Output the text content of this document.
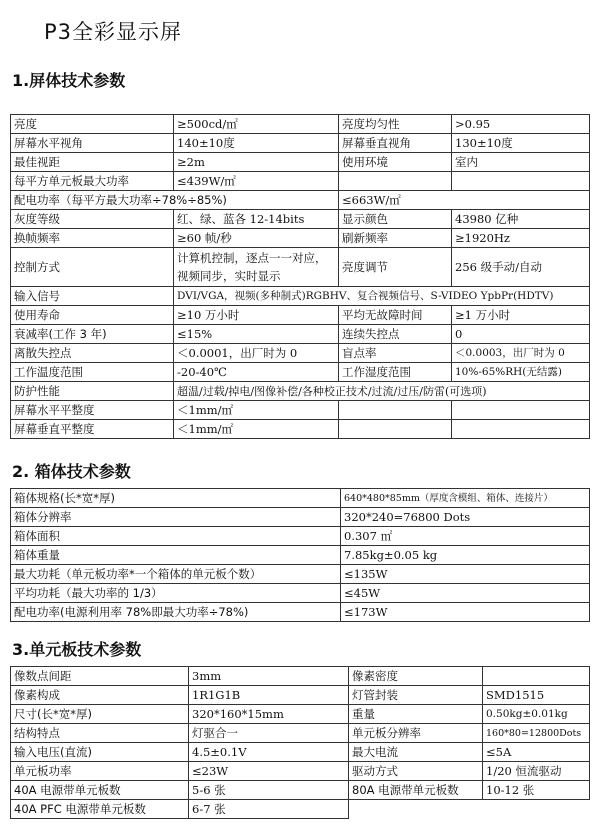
P3全彩显示屏
1.屏体技术参数
亮度	≥500cd/㎡	亮度均匀性	>0.95
屏幕水平视角	140±10度	屏幕垂直视角	130±10度
最佳视距	≥2m	使用环境	室内
每平方单元板最大功率	≤439W/㎡		
配电功率（每平方最大功率÷78%÷85%)		≤663W/㎡	
灰度等级	红、绿、蓝各 12-14bits	显示颜色	43980 亿种
换帧频率	≥60 帧/秒	刷新频率	≥1920Hz
控制方式	计算机控制，逐点一一对应，视频同步，实时显示	亮度调节	256 级手动/自动
输入信号	DVI/VGA，视频(多种制式)RGBHV、复合视频信号、S-VIDEO YpbPr(HDTV)		
使用寿命	≥10 万小时	平均无故障时间	≥1 万小时
衰减率(工作 3 年)	≤15%	连续失控点	0
离散失控点	＜0.0001，出厂时为 0	盲点率	＜0.0003，出厂时为 0
工作温度范围	-20-40℃	工作湿度范围	10%-65%RH(无结露)
防护性能	超温/过载/掉电/图像补偿/各种校正技术/过流/过压/防雷(可选项)		
屏幕水平平整度	＜1mm/㎡		
屏幕垂直平整度	＜1mm/㎡		
2. 箱体技术参数
箱体规格(长*宽*厚)	640*480*85mm（厚度含模组、箱体、连接片）
箱体分辨率	320*240=76800 Dots
箱体面积	0.307 ㎡
箱体重量	7.85kg±0.05 kg
最大功耗（单元板功率*一个箱体的单元板个数）	≤135W
平均功耗（最大功率的 1/3）	≤45W
配电功率(电源利用率 78%即最大功率÷78%)	≤173W
3.单元板技术参数
像数点间距	3mm	像素密度	
像素构成	1R1G1B	灯管封装	SMD1515
尺寸(长*宽*厚)	320*160*15mm	重量	0.50kg±0.01kg
结构特点	灯驱合一	单元板分辨率	160*80=12800Dots
输入电压(直流)	4.5±0.1V	最大电流	≤5A
单元板功率	≤23W	驱动方式	1/20 恒流驱动
40A 电源带单元板数	5-6 张	80A 电源带单元板数	10-12 张
40A PFC 电源带单元板数	6-7 张		
